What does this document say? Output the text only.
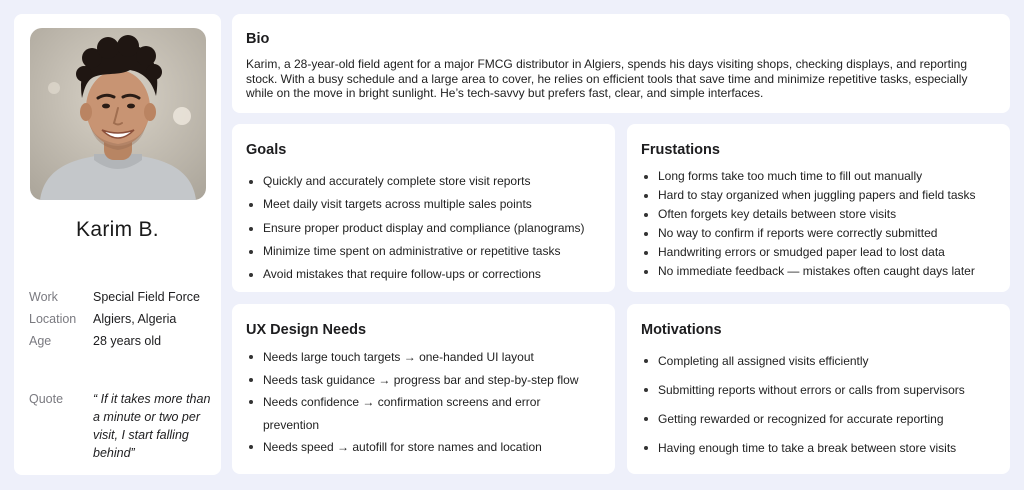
Karim B.
Work	Special Field Force
Location Algiers, Algeria
Age	28 years old
Quote “ If it takes more than a minute or two per visit, I start falling behind”
Bio

Karim, a 28-year-old field agent for a major FMCG distributor in Algiers, spends his days visiting shops, checking displays, and reporting stock. With a busy schedule and a large area to cover, he relies on efficient tools that save time and minimize repetitive tasks, especially while on the move in bright sunlight. He’s tech-savvy but prefers fast, clear, and simple interfaces.

Goals
Quickly and accurately complete store visit reports
Meet daily visit targets across multiple sales points
Ensure proper product display and compliance (planograms)
Minimize time spent on administrative or repetitive tasks
Avoid mistakes that require follow-ups or corrections
Frustations
Long forms take too much time to fill out manually
Hard to stay organized when juggling papers and field tasks
Often forgets key details between store visits
No way to confirm if reports were correctly submitted
Handwriting errors or smudged paper lead to lost data
No immediate feedback — mistakes often caught days later
UX Design Needs
Needs large touch targets → one-handed UI layout
Needs task guidance → progress bar and step-by-step flow
Needs confidence → confirmation screens and error prevention
Needs speed → autofill for store names and location
Motivations
Completing all assigned visits efficiently
Submitting reports without errors or calls from supervisors
Getting rewarded or recognized for accurate reporting
Having enough time to take a break between store visits
